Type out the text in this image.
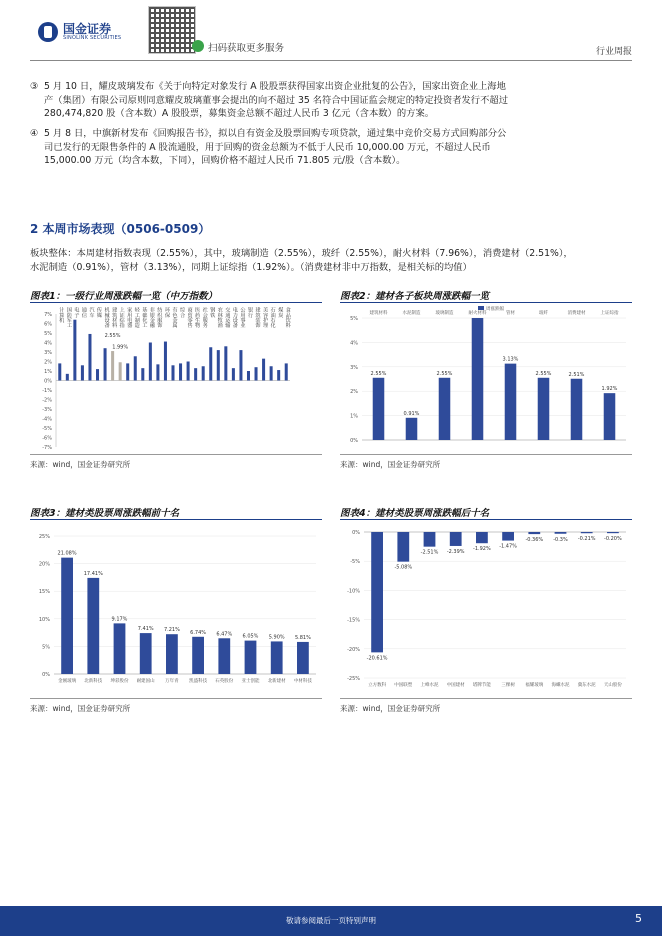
国金证券
SINOLINK SECURITIES
扫码获取更多服务	行业周报
③ 5 月 10 日，耀皮玻璃发布《关于向特定对象发行 A 股股票获得国家出资企业批复的公告》，国家出资企业上海地
产（集团）有限公司原则同意耀皮玻璃董事会提出的向不超过 35 名符合中国证监会规定的特定投资者发行不超过
280,474,820 股（含本数）A 股股票，募集资金总额不超过人民币 3 亿元（含本数）的方案。
④ 5 月 8 日，中旗新材发布《回购报告书》，拟以自有资金及股票回购专项贷款，通过集中竞价交易方式回购部分公
司已发行的无限售条件的 A 股流通股，用于回购的资金总额为不低于人民币 10,000.00 万元，不超过人民币
15,000.00 万元（均含本数，下同），回购价格不超过人民币 71.805 元/股（含本数）。
2 本周市场表现（0506-0509）
板块整体：本周建材指数表现（2.55%），其中，玻璃制造（2.55%），玻纤（2.55%），耐火材料（7.96%），消费建材（2.51%），
水泥制造（0.91%），管材（3.13%），同期上证综指（1.92%）。（消费建材非中万指数，是相关标的均值）
图表1：一级行业周涨跌幅一览（中万指数）	图表2：建材各子板块周涨跌幅一览
7%
6%
5%
4%
3%
2%
1%
0%
-1%
-2%
-3%
-4%
-5%
-6%
-7%
计算机 国防军工 电子 通信 汽车 传媒 机械设备 建筑材料 上证综指 家用电器 轻工制造 基础化工 非银金融 纺织服饰 环保 有色金属 综合 商贸零售 医药生物 社会服务 钢铁 农林牧渔 交通运输 电力设备 公用事业 银行 建筑装饰 美容护理 石油石化 煤炭 食品饮料
1.99%
2.55%
周涨跌幅
5%
4%
3%
2%
1%
0%
建筑材料
2.55%
水泥制造
0.91%
玻璃制造
2.55%
耐火材料	管材
3.13%
玻纤
2.55%
消费建材
2.51%
上证综指
1.92%
来源：wind，国金证券研究所	来源：wind，国金证券研究所
图表3：建材类股票周涨跌幅前十名	图表4：建材类股票周涨跌幅后十名
25%
20%
15%
10%
5%
0%
21.08%
金刚玻璃
17.41%
北新科技
9.17%
坤彩股份
7.41%
耐建国山
7.21%
万年青
6.74%
凯盛科技
6.47%
石英股份
6.05%
亚士创能
5.90%
北新建材
5.81%
中材科技
0%
-5%
-10%
-15%
-20%
-25%
-20.61%
立方数科
-5.08%
中国联塑
-2.51%
上峰水泥
-2.39%
中国建材
-1.92%
塔牌节能
-1.47%
三棵树
-0.36%
福耀玻璃
-0.3%
海螺水泥
-0.21%
冀东水泥
-0.20%
天山股份
来源：wind，国金证券研究所	来源：wind，国金证券研究所
敬请参阅最后一页特别声明	5
